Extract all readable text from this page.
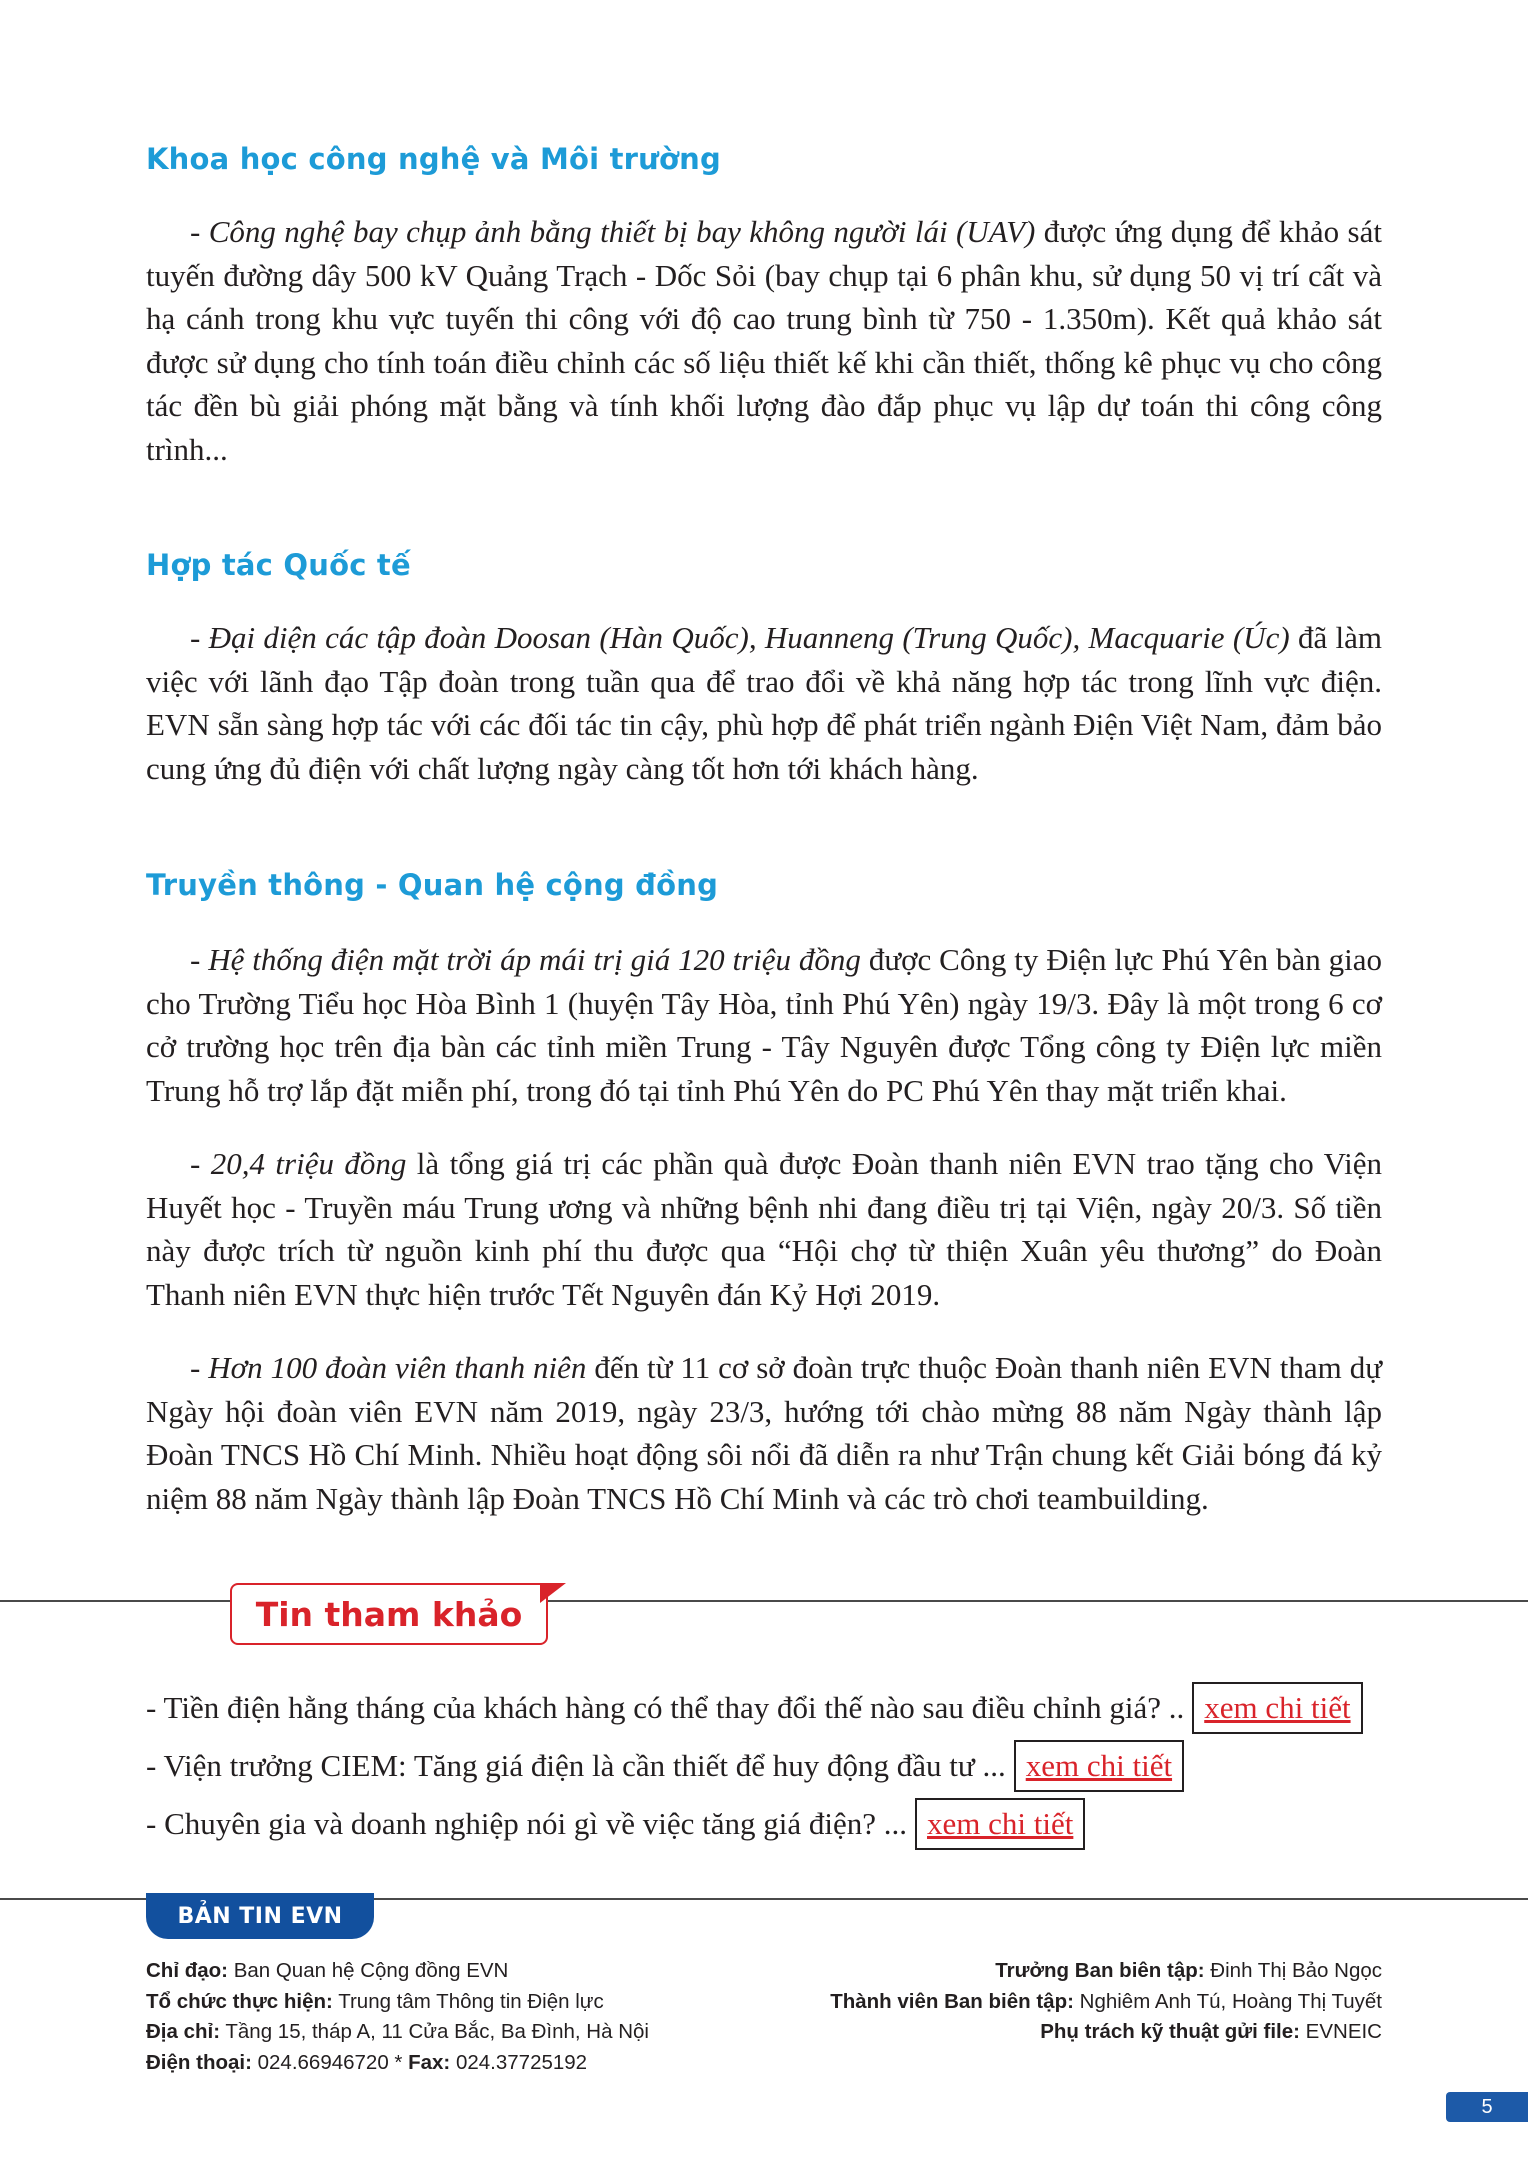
Khoa học công nghệ và Môi trường

- Công nghệ bay chụp ảnh bằng thiết bị bay không người lái (UAV) được ứng dụng để khảo sát tuyến đường dây 500 kV Quảng Trạch - Dốc Sỏi (bay chụp tại 6 phân khu, sử dụng 50 vị trí cất và hạ cánh trong khu vực tuyến thi công với độ cao trung bình từ 750 - 1.350m). Kết quả khảo sát được sử dụng cho tính toán điều chỉnh các số liệu thiết kế khi cần thiết, thống kê phục vụ cho công tác đền bù giải phóng mặt bằng và tính khối lượng đào đắp phục vụ lập dự toán thi công công trình...

Hợp tác Quốc tế

- Đại diện các tập đoàn Doosan (Hàn Quốc), Huanneng (Trung Quốc), Macquarie (Úc) đã làm việc với lãnh đạo Tập đoàn trong tuần qua để trao đổi về khả năng hợp tác trong lĩnh vực điện. EVN sẵn sàng hợp tác với các đối tác tin cậy, phù hợp để phát triển ngành Điện Việt Nam, đảm bảo cung ứng đủ điện với chất lượng ngày càng tốt hơn tới khách hàng.

Truyền thông - Quan hệ cộng đồng

- Hệ thống điện mặt trời áp mái trị giá 120 triệu đồng được Công ty Điện lực Phú Yên bàn giao cho Trường Tiểu học Hòa Bình 1 (huyện Tây Hòa, tỉnh Phú Yên) ngày 19/3. Đây là một trong 6 cơ cở trường học trên địa bàn các tỉnh miền Trung - Tây Nguyên được Tổng công ty Điện lực miền Trung hỗ trợ lắp đặt miễn phí, trong đó tại tỉnh Phú Yên do PC Phú Yên thay mặt triển khai.

- 20,4 triệu đồng là tổng giá trị các phần quà được Đoàn thanh niên EVN trao tặng cho Viện Huyết học - Truyền máu Trung ương và những bệnh nhi đang điều trị tại Viện, ngày 20/3. Số tiền này được trích từ nguồn kinh phí thu được qua “Hội chợ từ thiện Xuân yêu thương” do Đoàn Thanh niên EVN thực hiện trước Tết Nguyên đán Kỷ Hợi 2019.

- Hơn 100 đoàn viên thanh niên đến từ 11 cơ sở đoàn trực thuộc Đoàn thanh niên EVN tham dự Ngày hội đoàn viên EVN năm 2019, ngày 23/3, hướng tới chào mừng 88 năm Ngày thành lập Đoàn TNCS Hồ Chí Minh. Nhiều hoạt động sôi nổi đã diễn ra như Trận chung kết Giải bóng đá kỷ niệm 88 năm Ngày thành lập Đoàn TNCS Hồ Chí Minh và các trò chơi teambuilding.

Tin tham khảo
- Tiền điện hằng tháng của khách hàng có thể thay đổi thế nào sau điều chỉnh giá? .. xem chi tiết
- Viện trưởng CIEM: Tăng giá điện là cần thiết để huy động đầu tư ... xem chi tiết
- Chuyên gia và doanh nghiệp nói gì về việc tăng giá điện? ... xem chi tiết
BẢN TIN EVN
Chỉ đạo: Ban Quan hệ Cộng đồng EVN
Tổ chức thực hiện: Trung tâm Thông tin Điện lực
Địa chỉ: Tầng 15, tháp A, 11 Cửa Bắc, Ba Đình, Hà Nội
Điện thoại: 024.66946720 * Fax: 024.37725192
Trưởng Ban biên tập: Đinh Thị Bảo Ngọc
Thành viên Ban biên tập: Nghiêm Anh Tú, Hoàng Thị Tuyết
Phụ trách kỹ thuật gửi file: EVNEIC
5
